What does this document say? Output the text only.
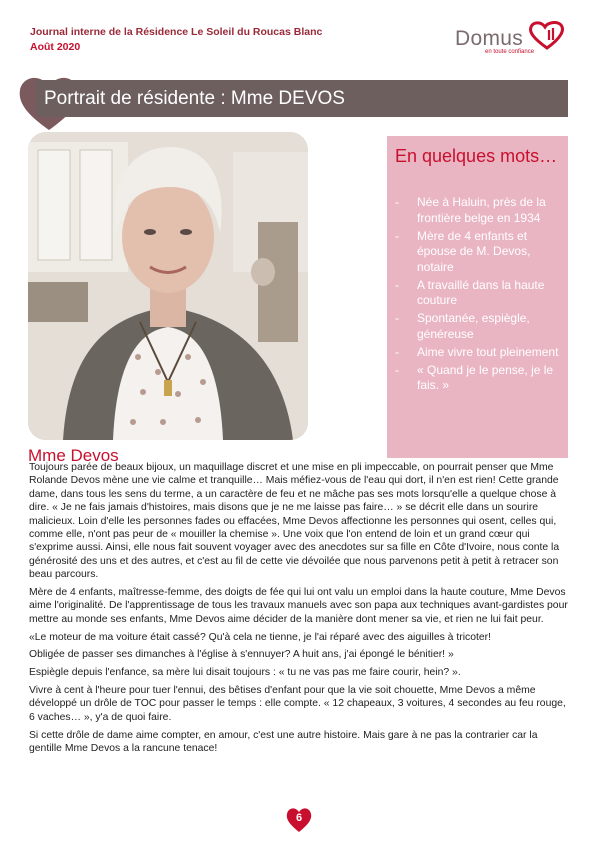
Journal interne de la Résidence Le Soleil du Roucas Blanc
Août 2020	Domus
en toute confiance
Portrait de résidente : Mme DEVOS
Mme Devos
En quelques mots…
- Née à Haluin, près de la frontière belge en 1934
- Mère de 4 enfants et épouse de M. Devos, notaire
- A travaillé dans la haute couture
- Spontanée, espiègle, généreuse
- Aime vivre tout pleinement
- « Quand je le pense, je le fais. »

Toujours parée de beaux bijoux, un maquillage discret et une mise en pli impeccable, on pourrait penser que Mme Rolande Devos mène une vie calme et tranquille… Mais méfiez-vous de l'eau qui dort, il n'en est rien! Cette grande dame, dans tous les sens du terme, a un caractère de feu et ne mâche pas ses mots lorsqu'elle a quelque chose à dire. « Je ne fais jamais d'histoires, mais disons que je ne me laisse pas faire… » se décrit elle dans un sourire malicieux. Loin d'elle les personnes fades ou effacées, Mme Devos affectionne les personnes qui osent, celles qui, comme elle, n'ont pas peur de « mouiller la chemise ». Une voix que l'on entend de loin et un grand cœur qui s'exprime aussi. Ainsi, elle nous fait souvent voyager avec des anecdotes sur sa fille en Côte d'Ivoire, nous conte la générosité des uns et des autres, et c'est au fil de cette vie dévoilée que nous parvenons petit à petit à retracer son beau parcours.

Mère de 4 enfants, maîtresse-femme, des doigts de fée qui lui ont valu un emploi dans la haute couture, Mme Devos aime l'originalité. De l'apprentissage de tous les travaux manuels avec son papa aux techniques avant-gardistes pour mettre au monde ses enfants, Mme Devos aime décider de la manière dont mener sa vie, et rien ne lui fait peur.

«Le moteur de ma voiture était cassé? Qu'à cela ne tienne, je l'ai réparé avec des aiguilles à tricoter!

Obligée de passer ses dimanches à l'église à s'ennuyer? A huit ans, j'ai épongé le bénitier! »

Espiègle depuis l'enfance, sa mère lui disait toujours : « tu ne vas pas me faire courir, hein? ».

Vivre à cent à l'heure pour tuer l'ennui, des bêtises d'enfant pour que la vie soit chouette, Mme Devos a même développé un drôle de TOC pour passer le temps : elle compte. « 12 chapeaux, 3 voitures, 4 secondes au feu rouge, 6 vaches… », y'a de quoi faire.

Si cette drôle de dame aime compter, en amour, c'est une autre histoire. Mais gare à ne pas la contrarier car la gentille Mme Devos a la rancune tenace!

6
